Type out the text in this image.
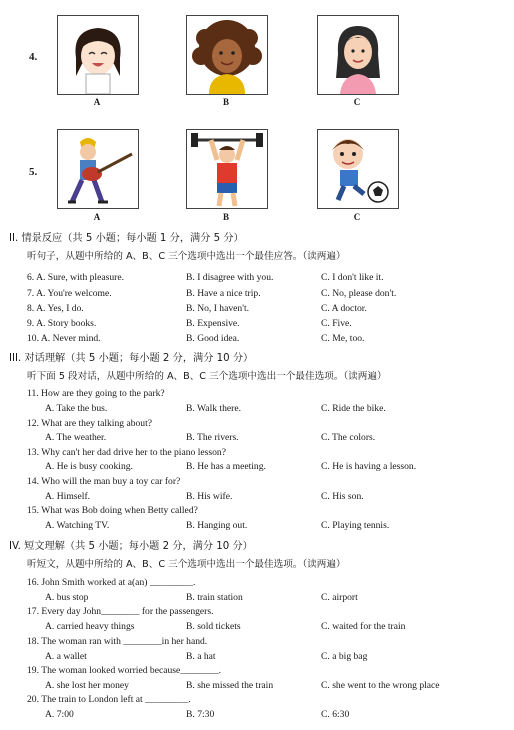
4.
A	B	C
5.
A	B	C
II. 情景反应（共 5 小题；每小题 1 分，满分 5 分）
听句子，从题中所给的 A、B、C 三个选项中选出一个最佳应答。（读两遍）
6. A. Sure, with pleasure.	B. I disagree with you.	C. I don't like it.
7. A. You're welcome.	B. Have a nice trip.	C. No, please don't.
8. A. Yes, I do.	B. No, I haven't.	C. A doctor.
9. A. Story books.	B. Expensive.	C. Five.
10. A. Never mind.	B. Good idea.	C. Me, too.
III. 对话理解（共 5 小题；每小题 2 分，满分 10 分）
听下面 5 段对话，从题中所给的 A、B、C 三个选项中选出一个最佳选项。（读两遍）
11. How are they going to the park?
A. Take the bus.	B. Walk there.	C. Ride the bike.
12. What are they talking about?
A. The weather.	B. The rivers.	C. The colors.
13. Why can't her dad drive her to the piano lesson?
A. He is busy cooking.	B. He has a meeting.	C. He is having a lesson.
14. Who will the man buy a toy car for?
A. Himself.	B. His wife.	C. His son.
15. What was Bob doing when Betty called?
A. Watching TV.	B. Hanging out.	C. Playing tennis.
IV. 短文理解（共 5 小题；每小题 2 分，满分 10 分）
听短文，从题中所给的 A、B、C 三个选项中选出一个最佳选项。（读两遍）
16. John Smith worked at a(an) _________.
A. bus stop	B. train station	C. airport
17. Every day John________ for the passengers.
A. carried heavy things	B. sold tickets	C. waited for the train
18. The woman ran with ________in her hand.
A. a wallet	B. a hat	C. a big bag
19. The woman looked worried because________.
A. she lost her money	B. she missed the train	C. she went to the wrong place
20. The train to London left at _________.
A. 7:00	B. 7:30	C. 6:30
